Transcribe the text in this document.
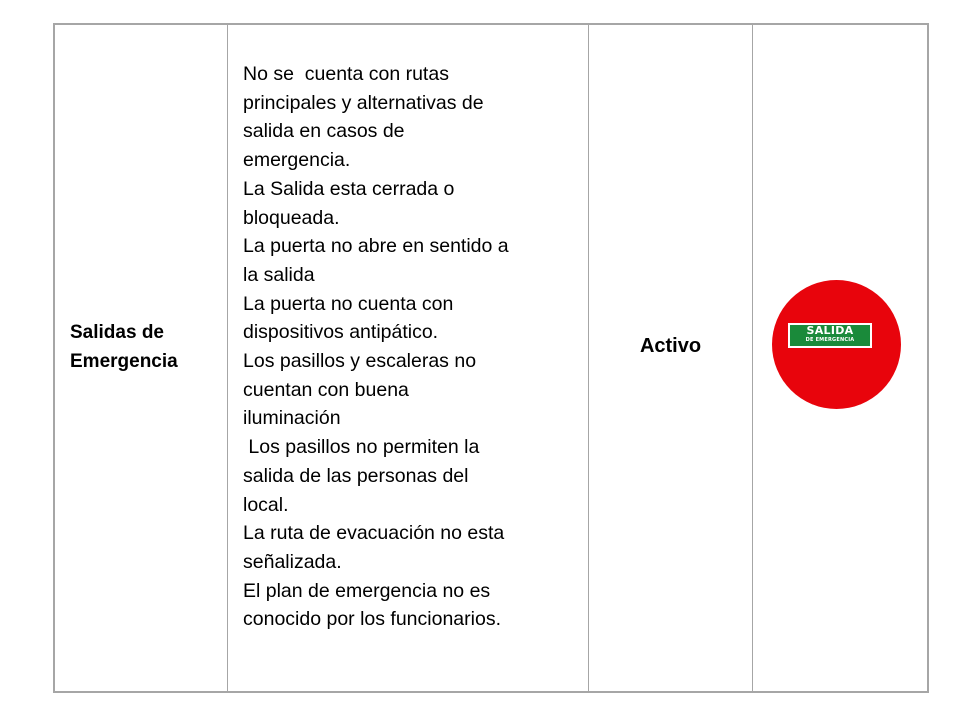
Salidas de Emergencia
No se  cuenta con rutas
principales y alternativas de
salida en casos de
emergencia.
La Salida esta cerrada o
bloqueada.
La puerta no abre en sentido a
la salida
La puerta no cuenta con
dispositivos antipático.
Los pasillos y escaleras no
cuentan con buena
iluminación
Los pasillos no permiten la
salida de las personas del
local.
La ruta de evacuación no esta
señalizada.
El plan de emergencia no es
conocido por los funcionarios.
Activo
SALIDA
DE EMERGENCIA
